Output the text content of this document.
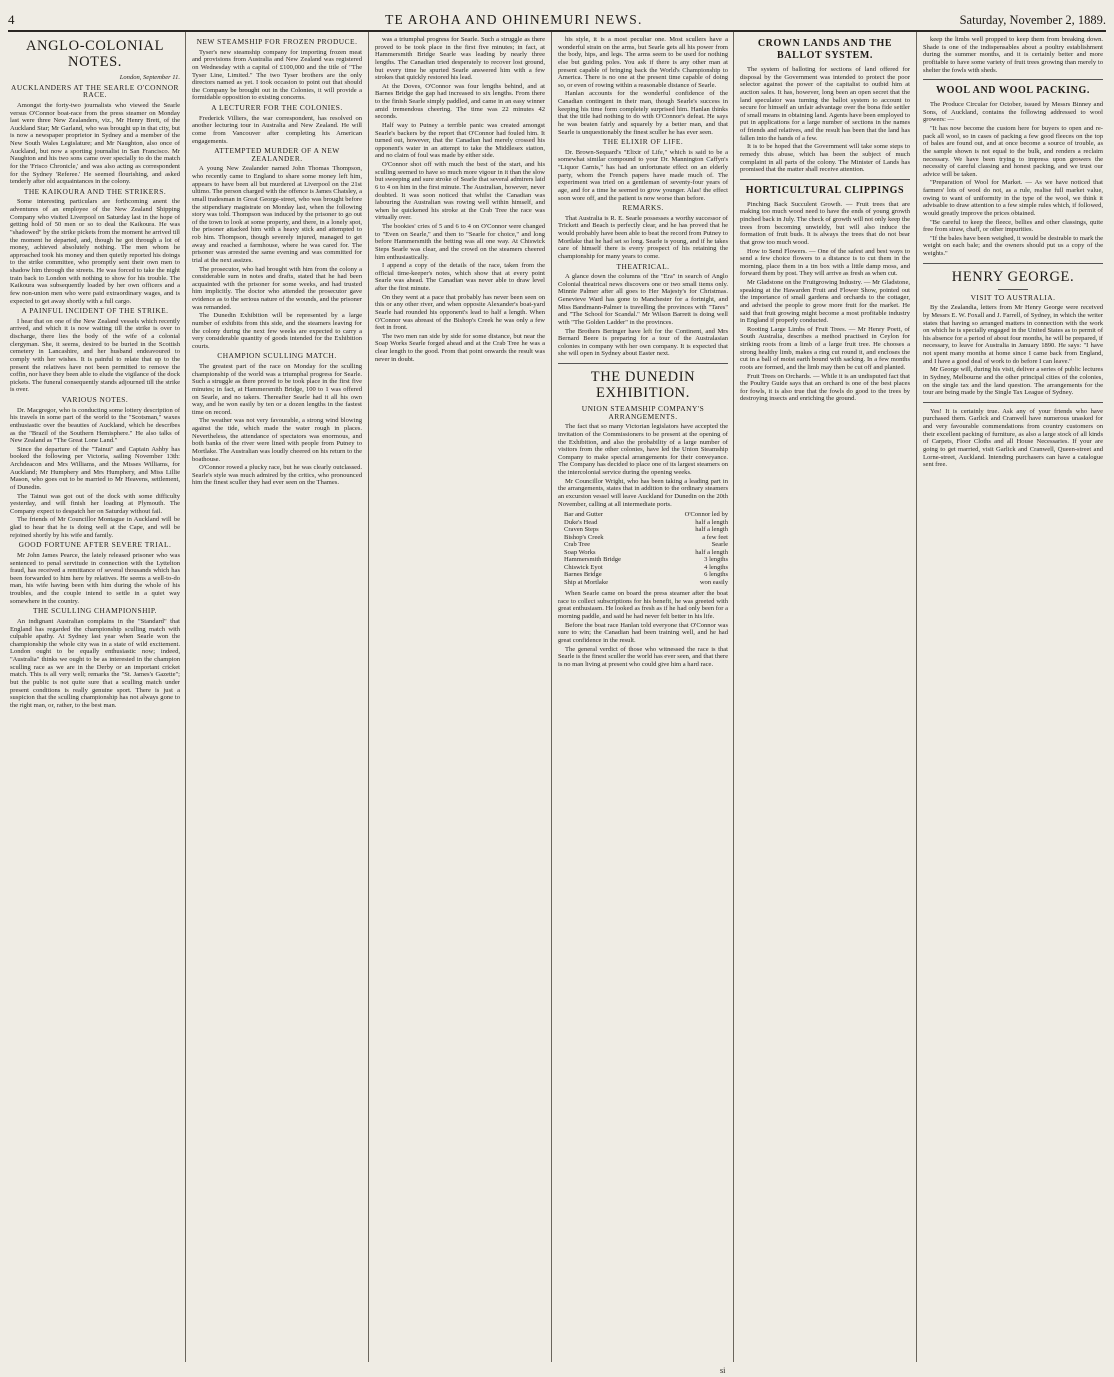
4	TE AROHA AND OHINEMURI NEWS.	Saturday, November 2, 1889.
ANGLO-COLONIAL NOTES.
London, September 11.
AUCKLANDERS AT THE SEARLE O'CONNOR RACE.

Amongst the forty-two journalists who viewed the Searle versus O'Connor boat-race from the press steamer on Monday last were three New Zealanders, viz., Mr Henry Brett, of the Auckland Star; Mr Garland, who was brought up in that city, but is now a newspaper proprietor in Sydney and a member of the New South Wales Legislature; and Mr Naughton, also once of Auckland, but now a sporting journalist in San Francisco. Mr Naughton and his two sons came over specially to do the match for the 'Frisco Chronicle,' and was also acting as correspondent for the Sydney 'Referee.' He seemed flourishing, and asked tenderly after old acquaintances in the colony.

THE KAIKOURA AND THE STRIKERS.

Some interesting particulars are forthcoming anent the adventures of an employee of the New Zealand Shipping Company who visited Liverpool on Saturday last in the hope of getting hold of 50 men or so to deal the Kaikoura. He was "shadowed" by the strike pickets from the moment he arrived till the moment he departed, and, though he got through a lot of money, achieved absolutely nothing. The men whom he approached took his money and then quietly reported his doings to the strike committee, who promptly sent their own men to shadow him through the streets. He was forced to take the night train back to London with nothing to show for his trouble. The Kaikoura was subsequently loaded by her own officers and a few non-union men who were paid extraordinary wages, and is expected to get away shortly with a full cargo.

A PAINFUL INCIDENT OF THE STRIKE.

I hear that on one of the New Zealand vessels which recently arrived, and which it is now waiting till the strike is over to discharge, there lies the body of the wife of a colonial clergyman. She, it seems, desired to be buried in the Scottish cemetery in Lancashire, and her husband endeavoured to comply with her wishes. It is painful to relate that up to the present the relatives have not been permitted to remove the coffin, nor have they been able to elude the vigilance of the dock pickets. The funeral consequently stands adjourned till the strike is over.

VARIOUS NOTES.

Dr. Macgregor, who is conducting some lottery description of his travels in some part of the world to the "Scotsman," waxes enthusiastic over the beauties of Auckland, which he describes as the "Brazil of the Southern Hemisphere." He also talks of New Zealand as "The Great Lone Land."

Since the departure of the "Tainui" and Captain Ashby has booked the following per Victoria, sailing November 13th: Archdeacon and Mrs Williams, and the Misses Williams, for Auckland; Mr Humphery and Mrs Humphery, and Miss Lillie Mason, who goes out to be married to Mr Heavens, settlement, of Dunedin.

The Tainui was got out of the dock with some difficulty yesterday, and will finish her loading at Plymouth. The Company expect to despatch her on Saturday without fail.

The friends of Mr Councillor Montague in Auckland will be glad to hear that he is doing well at the Cape, and will be rejoined shortly by his wife and family.

GOOD FORTUNE AFTER SEVERE TRIAL.

Mr John James Pearce, the lately released prisoner who was sentenced to penal servitude in connection with the Lyttelton fraud, has received a remittance of several thousands which has been forwarded to him here by relatives. He seems a well-to-do man, his wife having been with him during the whole of his troubles, and the couple intend to settle in a quiet way somewhere in the country.

THE SCULLING CHAMPIONSHIP.

An indignant Australian complains in the "Standard" that England has regarded the championship sculling match with culpable apathy. At Sydney last year when Searle won the championship the whole city was in a state of wild excitement. London ought to be equally enthusiastic now; indeed, "Australia" thinks we ought to be as interested in the champion sculling race as we are in the Derby or an important cricket match. This is all very well; remarks the "St. James's Gazette"; but the public is not quite sure that a sculling match under present conditions is really genuine sport. There is just a suspicion that the sculling championship has not always gone to the right man, or, rather, to the best man.

NEW STEAMSHIP FOR FROZEN PRODUCE.

Tyser's new steamship company for importing frozen meat and provisions from Australia and New Zealand was registered on Wednesday with a capital of £100,000 and the title of "The Tyser Line, Limited." The two Tyser brothers are the only directors named as yet. I took occasion to point out that should the Company be brought out in the Colonies, it will provide a formidable opposition to existing concerns.

A LECTURER FOR THE COLONIES.

Frederick Villiers, the war correspondent, has resolved on another lecturing tour in Australia and New Zealand. He will come from Vancouver after completing his American engagements.

ATTEMPTED MURDER OF A NEW ZEALANDER.

A young New Zealander named John Thomas Thompson, who recently came to England to share some money left him, appears to have been all but murdered at Liverpool on the 21st ultimo. The person charged with the offence is James Chatsley, a small tradesman in Great George-street, who was brought before the stipendiary magistrate on Monday last, when the following story was told. Thompson was induced by the prisoner to go out of the town to look at some property, and there, in a lonely spot, the prisoner attacked him with a heavy stick and attempted to rob him. Thompson, though severely injured, managed to get away and reached a farmhouse, where he was cared for. The prisoner was arrested the same evening and was committed for trial at the next assizes.

The prosecutor, who had brought with him from the colony a considerable sum in notes and drafts, stated that he had been acquainted with the prisoner for some weeks, and had trusted him implicitly. The doctor who attended the prosecutor gave evidence as to the serious nature of the wounds, and the prisoner was remanded.

The Dunedin Exhibition will be represented by a large number of exhibits from this side, and the steamers leaving for the colony during the next few weeks are expected to carry a very considerable quantity of goods intended for the Exhibition courts.

CHAMPION SCULLING MATCH.

The greatest part of the race on Monday for the sculling championship of the world was a triumphal progress for Searle. Such a struggle as there proved to be took place in the first five minutes; in fact, at Hammersmith Bridge, 100 to 1 was offered on Searle, and no takers. Thereafter Searle had it all his own way, and he won easily by ten or a dozen lengths in the fastest time on record.

The weather was not very favourable, a strong wind blowing against the tide, which made the water rough in places. Nevertheless, the attendance of spectators was enormous, and both banks of the river were lined with people from Putney to Mortlake. The Australian was loudly cheered on his return to the boathouse.

O'Connor rowed a plucky race, but he was clearly outclassed. Searle's style was much admired by the critics, who pronounced him the finest sculler they had ever seen on the Thames.

was a triumphal progress for Searle. Such a struggle as there proved to be took place in the first five minutes; in fact, at Hammersmith Bridge Searle was leading by nearly three lengths. The Canadian tried desperately to recover lost ground, but every time he spurted Searle answered him with a few strokes that quickly restored his lead.

At the Doves, O'Connor was four lengths behind, and at Barnes Bridge the gap had increased to six lengths. From there to the finish Searle simply paddled, and came in an easy winner amid tremendous cheering. The time was 22 minutes 42 seconds.

Half way to Putney a terrible panic was created amongst Searle's backers by the report that O'Connor had fouled him. It turned out, however, that the Canadian had merely crossed his opponent's water in an attempt to take the Middlesex station, and no claim of foul was made by either side.

O'Connor shot off with much the best of the start, and his sculling seemed to have so much more vigour in it than the slow but sweeping and sure stroke of Searle that several admirers laid 6 to 4 on him in the first minute. The Australian, however, never doubted. It was soon noticed that whilst the Canadian was labouring the Australian was rowing well within himself, and when he quickened his stroke at the Crab Tree the race was virtually over.

The bookies' cries of 5 and 6 to 4 on O'Connor were changed to "Even on Searle," and then to "Searle for choice," and long before Hammersmith the betting was all one way. At Chiswick Steps Searle was clear, and the crowd on the steamers cheered him enthusiastically.

I append a copy of the details of the race, taken from the official time-keeper's notes, which show that at every point Searle was ahead. The Canadian was never able to draw level after the first minute.

On they went at a pace that probably has never been seen on this or any other river, and when opposite Alexander's boat-yard Searle had rounded his opponent's lead to half a length. When O'Connor was abreast of the Bishop's Creek he was only a few feet in front.

The two men ran side by side for some distance, but near the Soap Works Searle forged ahead and at the Crab Tree he was a clear length to the good. From that point onwards the result was never in doubt.

his style, it is a most peculiar one. Most scullers have a wonderful strain on the arms, but Searle gets all his power from the body, hips, and legs. The arms seem to be used for nothing else but guiding poles. You ask if there is any other man at present capable of bringing back the World's Championship to America. There is no one at the present time capable of doing so, or even of rowing within a reasonable distance of Searle.

Hanlan accounts for the wonderful confidence of the Canadian contingent in their man, though Searle's success in keeping his time form completely surprised him. Hanlan thinks that the title had nothing to do with O'Connor's defeat. He says he was beaten fairly and squarely by a better man, and that Searle is unquestionably the finest sculler he has ever seen.

THE ELIXIR OF LIFE.

Dr. Brown-Sequard's "Elixir of Life," which is said to be a somewhat similar compound to your Dr. Mannington Caffyn's "Liquor Carnis," has had an unfortunate effect on an elderly party, whom the French papers have made much of. The experiment was tried on a gentleman of seventy-four years of age, and for a time he seemed to grow younger. Alas! the effect soon wore off, and the patient is now worse than before.

REMARKS.

That Australia is R. E. Searle possesses a worthy successor of Trickett and Beach is perfectly clear, and he has proved that he would probably have been able to beat the record from Putney to Mortlake that he had set so long. Searle is young, and if he takes care of himself there is every prospect of his retaining the championship for many years to come.

THEATRICAL.

A glance down the columns of the "Era" in search of Anglo Colonial theatrical news discovers one or two small items only. Minnie Palmer after all goes to Her Majesty's for Christmas. Genevieve Ward has gone to Manchester for a fortnight, and Miss Bandmann-Palmer is travelling the provinces with "Tares" and "The School for Scandal." Mr Wilson Barrett is doing well with "The Golden Ladder" in the provinces.

The Brothers Beringer have left for the Continent, and Mrs Bernard Beere is preparing for a tour of the Australasian colonies in company with her own company. It is expected that she will open in Sydney about Easter next.

THE DUNEDIN EXHIBITION.
UNION STEAMSHIP COMPANY'S ARRANGEMENTS.

The fact that so many Victorian legislators have accepted the invitation of the Commissioners to be present at the opening of the Exhibition, and also the probability of a large number of visitors from the other colonies, have led the Union Steamship Company to make special arrangements for their conveyance. The Company has decided to place one of its largest steamers on the intercolonial service during the opening weeks.

Mr Councillor Wright, who has been taking a leading part in the arrangements, states that in addition to the ordinary steamers an excursion vessel will leave Auckland for Dunedin on the 20th November, calling at all intermediate ports.

Bar and Gutter	O'Connor led by
Duke's Head	half a length
Craven Steps	half a length
Bishop's Creek	a few feet
Crab Tree	Searle
Soap Works	half a length
Hammersmith Bridge	3 lengths
Chiswick Eyot	4 lengths
Barnes Bridge	6 lengths
Ship at Mortlake	won easily

When Searle came on board the press steamer after the boat race to collect subscriptions for his benefit, he was greeted with great enthusiasm. He looked as fresh as if he had only been for a morning paddle, and said he had never felt better in his life.

Before the boat race Hanlan told everyone that O'Connor was sure to win; the Canadian had been training well, and he had great confidence in the result.

The general verdict of those who witnessed the race is that Searle is the finest sculler the world has ever seen, and that there is no man living at present who could give him a hard race.

CROWN LANDS AND THE BALLOT SYSTEM.

The system of balloting for sections of land offered for disposal by the Government was intended to protect the poor selector against the power of the capitalist to outbid him at auction sales. It has, however, long been an open secret that the land speculator was turning the ballot system to account to secure for himself an unfair advantage over the bona fide settler of small means in obtaining land. Agents have been employed to put in applications for a large number of sections in the names of friends and relatives, and the result has been that the land has fallen into the hands of a few.

It is to be hoped that the Government will take some steps to remedy this abuse, which has been the subject of much complaint in all parts of the colony. The Minister of Lands has promised that the matter shall receive attention.

HORTICULTURAL CLIPPINGS

Pinching Back Succulent Growth. — Fruit trees that are making too much wood need to have the ends of young growth pinched back in July. The check of growth will not only keep the trees from becoming unwieldy, but will also induce the formation of fruit buds. It is always the trees that do not bear that grow too much wood.

How to Send Flowers. — One of the safest and best ways to send a few choice flowers to a distance is to cut them in the morning, place them in a tin box with a little damp moss, and forward them by post. They will arrive as fresh as when cut.

Mr Gladstone on the Fruitgrowing Industry. — Mr Gladstone, speaking at the Hawarden Fruit and Flower Show, pointed out the importance of small gardens and orchards to the cottager, and advised the people to grow more fruit for the market. He said that fruit growing might become a most profitable industry in England if properly conducted.

Rooting Large Limbs of Fruit Trees. — Mr Henry Poett, of South Australia, describes a method practised in Ceylon for striking roots from a limb of a large fruit tree. He chooses a strong healthy limb, makes a ring cut round it, and encloses the cut in a ball of moist earth bound with sacking. In a few months roots are formed, and the limb may then be cut off and planted.

Fruit Trees on Orchards. — While it is an undisputed fact that the Poultry Guide says that an orchard is one of the best places for fowls, it is also true that the fowls do good to the trees by destroying insects and enriching the ground.

keep the limbs well propped to keep them from breaking down. Shade is one of the indispensables about a poultry establishment during the summer months, and it is certainly better and more profitable to have some variety of fruit trees growing than merely to shelter the fowls with sheds.

WOOL AND WOOL PACKING.

The Produce Circular for October, issued by Messrs Binney and Sons, of Auckland, contains the following addressed to wool growers: —

"It has now become the custom here for buyers to open and re-pack all wool, so in cases of packing a few good fleeces on the top of bales are found out, and at once become a source of trouble, as the sample shown is not equal to the bulk, and renders a reclaim necessary. We have been trying to impress upon growers the necessity of careful classing and honest packing, and we trust our advice will be taken.

"Preparation of Wool for Market. — As we have noticed that farmers' lots of wool do not, as a rule, realise full market value, owing to want of uniformity in the type of the wool, we think it advisable to draw attention to a few simple rules which, if followed, would greatly improve the prices obtained.

"Be careful to keep the fleece, bellies and other classings, quite free from straw, chaff, or other impurities.

"If the bales have been weighed, it would be desirable to mark the weight on each bale; and the owners should put us a copy of the weights."

HENRY GEORGE.
VISIT TO AUSTRALIA.

By the Zealandia, letters from Mr Henry George were received by Messrs E. W. Foxall and J. Farrell, of Sydney, in which the writer states that having so arranged matters in connection with the work on which he is specially engaged in the United States as to permit of his absence for a period of about four months, he will be prepared, if necessary, to leave for Australia in January 1890. He says: "I have not spent many months at home since I came back from England, and I have a good deal of work to do before I can leave."

Mr George will, during his visit, deliver a series of public lectures in Sydney, Melbourne and the other principal cities of the colonies, on the single tax and the land question. The arrangements for the tour are being made by the Single Tax League of Sydney.

Yes! It is certainly true. Ask any of your friends who have purchased them. Garlick and Cranwell have numerous unasked for and very favourable commendations from country customers on their excellent packing of furniture, as also a large stock of all kinds of Carpets, Floor Cloths and all House Necessaries. If your are going to get married, visit Garlick and Cranwell, Queen-street and Lorne-street, Auckland. Intending purchasers can have a catalogue sent free.

si
